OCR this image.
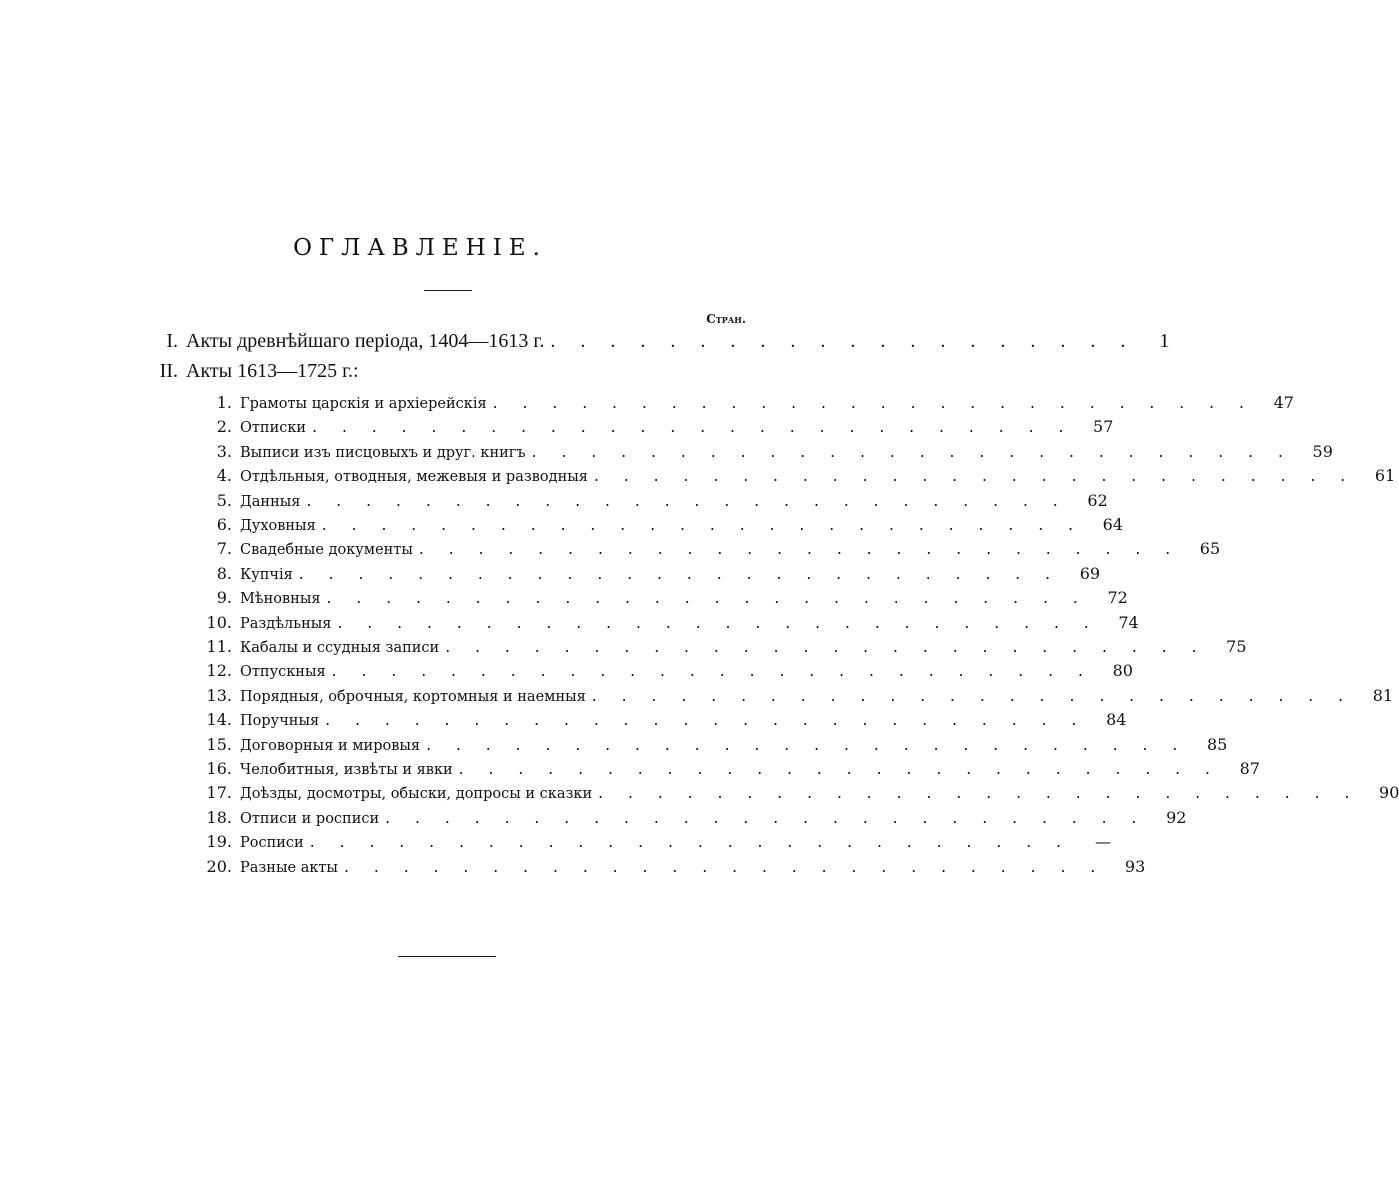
ОГЛАВЛЕНІЕ.
Стран.
I. Акты древнѣйшаго періода, 1404—1613 г. . . . . . . . . . . . . . . . . . . . .	1
II. Акты 1613—1725 г.:
1. Грамоты царскія и архіерейскія . . . . . . . . . . . . . . . . . . . . . . . . . .	47
2. Отписки . . . . . . . . . . . . . . . . . . . . . . . . . .	57
3. Выписи изъ писцовыхъ и друг. книгъ . . . . . . . . . . . . . . . . . . . . . . . . . .	59
4. Отдѣльныя, отводныя, межевыя и разводныя . . . . . . . . . . . . . . . . . . . . . . . . . .	61
5. Данныя . . . . . . . . . . . . . . . . . . . . . . . . . .	62
6. Духовныя . . . . . . . . . . . . . . . . . . . . . . . . . .	64
7. Свадебные документы . . . . . . . . . . . . . . . . . . . . . . . . . .	65
8. Купчія . . . . . . . . . . . . . . . . . . . . . . . . . .	69
9. Мѣновныя . . . . . . . . . . . . . . . . . . . . . . . . . .	72
10. Раздѣльныя . . . . . . . . . . . . . . . . . . . . . . . . . .	74
11. Кабалы и ссудныя записи . . . . . . . . . . . . . . . . . . . . . . . . . .	75
12. Отпускныя . . . . . . . . . . . . . . . . . . . . . . . . . .	80
13. Порядныя, оброчныя, кортомныя и наемныя . . . . . . . . . . . . . . . . . . . . . . . . . .	81
14. Поручныя . . . . . . . . . . . . . . . . . . . . . . . . . .	84
15. Договорныя и мировыя . . . . . . . . . . . . . . . . . . . . . . . . . .	85
16. Челобитныя, извѣты и явки . . . . . . . . . . . . . . . . . . . . . . . . . .	87
17. Доѣзды, досмотры, обыски, допросы и сказки . . . . . . . . . . . . . . . . . . . . . . . . . .	90
18. Отписи и росписи . . . . . . . . . . . . . . . . . . . . . . . . . .	92
19. Росписи . . . . . . . . . . . . . . . . . . . . . . . . . .	—
20. Разные акты . . . . . . . . . . . . . . . . . . . . . . . . . .	93
